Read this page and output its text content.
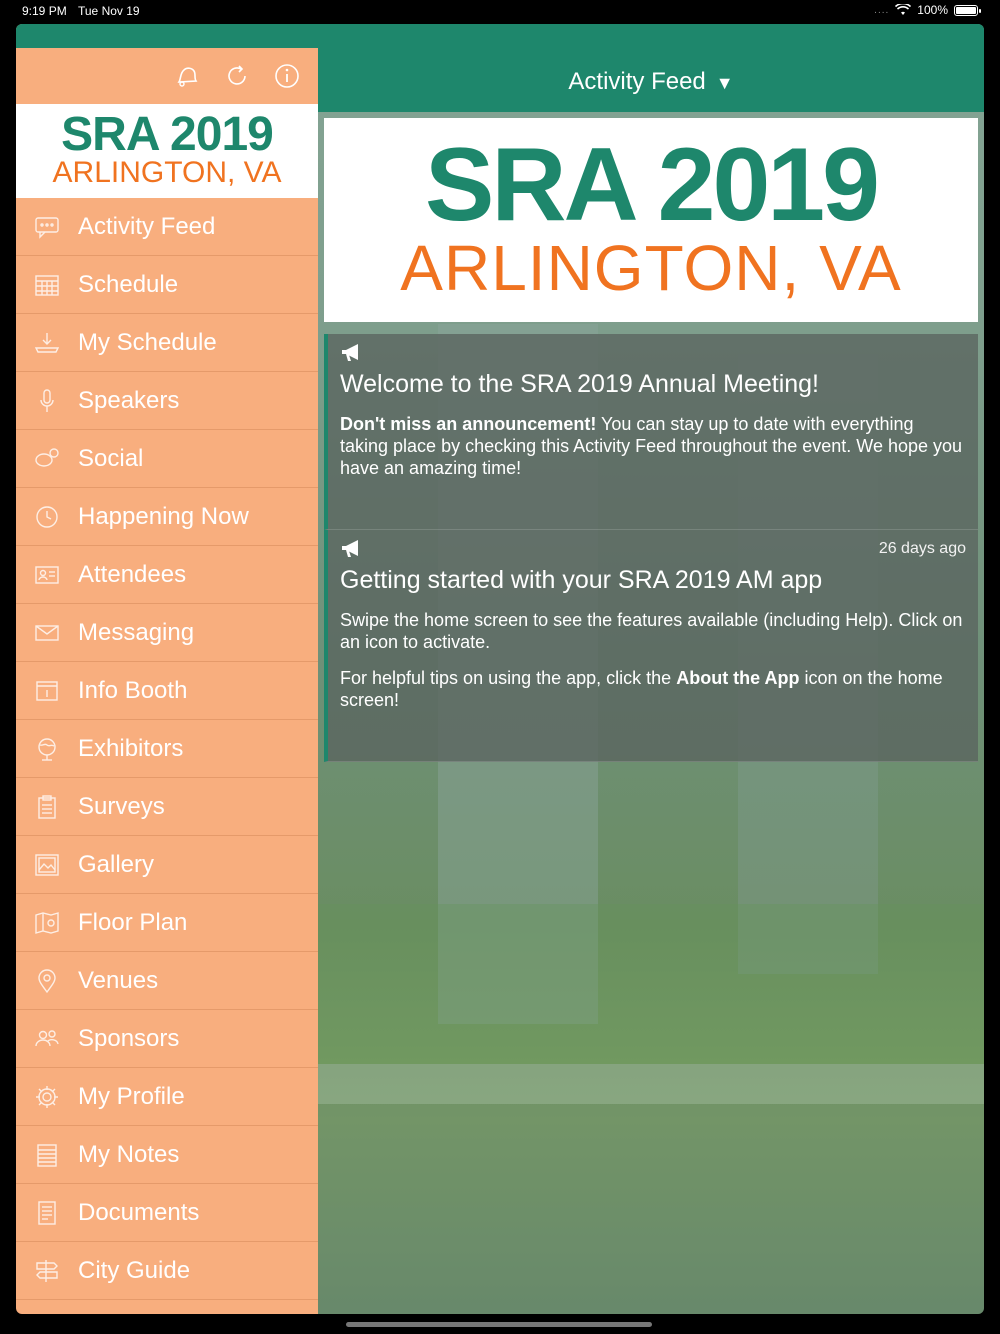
9:19 PM Tue Nov 19	.... 100%
SRA 2019
ARLINGTON, VA
Activity Feed
Schedule
My Schedule
Speakers
Social
Happening Now
Attendees
Messaging
Info Booth
Exhibitors
Surveys
Gallery
Floor Plan
Venues
Sponsors
My Profile
My Notes
Documents
City Guide
Activity Feed ▼
SRA 2019
ARLINGTON, VA
Welcome to the SRA 2019 Annual Meeting!

Don't miss an announcement! You can stay up to date with everything taking place by checking this Activity Feed throughout the event. We hope you have an amazing time!

26 days ago
Getting started with your SRA 2019 AM app

Swipe the home screen to see the features available (including Help). Click on an icon to activate.

For helpful tips on using the app, click the About the App icon on the home screen!
